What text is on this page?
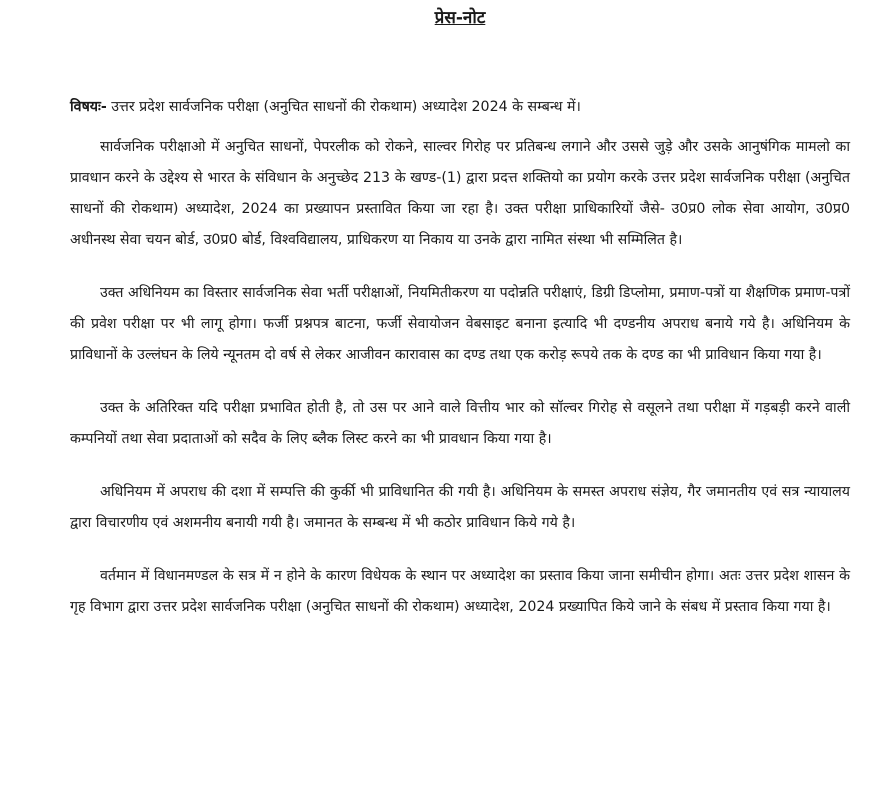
प्रेस-नोट
विषयः- उत्तर प्रदेश सार्वजनिक परीक्षा (अनुचित साधनों की रोकथाम) अध्यादेश 2024 के सम्बन्ध में।

सार्वजनिक परीक्षाओ में अनुचित साधनों, पेपरलीक को रोकने, साल्वर गिरोह पर प्रतिबन्ध लगाने और उससे जुड़े और उसके आनुषंगिक मामलो का प्रावधान करने के उद्देश्य से भारत के संविधान के अनुच्छेद 213 के खण्ड-(1) द्वारा प्रदत्त शक्तियो का प्रयोग करके उत्तर प्रदेश सार्वजनिक परीक्षा (अनुचित साधनों की रोकथाम) अध्यादेश, 2024 का प्रख्यापन प्रस्तावित किया जा रहा है। उक्त परीक्षा प्राधिकारियों जैसे- उ0प्र0 लोक सेवा आयोग, उ0प्र0 अधीनस्थ सेवा चयन बोर्ड, उ0प्र0 बोर्ड, विश्वविद्यालय, प्राधिकरण या निकाय या उनके द्वारा नामित संस्था भी सम्मिलित है।

उक्त अधिनियम का विस्तार सार्वजनिक सेवा भर्ती परीक्षाओं, नियमितीकरण या पदोन्नति परीक्षाएं, डिग्री डिप्लोमा, प्रमाण-पत्रों या शैक्षणिक प्रमाण-पत्रों की प्रवेश परीक्षा पर भी लागू होगा। फर्जी प्रश्नपत्र बाटना, फर्जी सेवायोजन वेबसाइट बनाना इत्यादि भी दण्डनीय अपराध बनाये गये है। अधिनियम के प्राविधानों के उल्लंघन के लिये न्यूनतम दो वर्ष से लेकर आजीवन कारावास का दण्ड तथा एक करोड़ रूपये तक के दण्ड का भी प्राविधान किया गया है।

उक्त के अतिरिक्त यदि परीक्षा प्रभावित होती है, तो उस पर आने वाले वित्तीय भार को सॉल्वर गिरोह से वसूलने तथा परीक्षा में गड़बड़ी करने वाली कम्पनियों तथा सेवा प्रदाताओं को सदैव के लिए ब्लैक लिस्ट करने का भी प्रावधान किया गया है।

अधिनियम में अपराध की दशा में सम्पत्ति की कुर्की भी प्राविधानित की गयी है। अधिनियम के समस्त अपराध संज्ञेय, गैर जमानतीय एवं सत्र न्यायालय द्वारा विचारणीय एवं अशमनीय बनायी गयी है। जमानत के सम्बन्ध में भी कठोर प्राविधान किये गये है।

वर्तमान में विधानमण्डल के सत्र में न होने के कारण विधेयक के स्थान पर अध्यादेश का प्रस्ताव किया जाना समीचीन होगा। अतः उत्तर प्रदेश शासन के गृह विभाग द्वारा उत्तर प्रदेश सार्वजनिक परीक्षा (अनुचित साधनों की रोकथाम) अध्यादेश, 2024 प्रख्यापित किये जाने के संबध में प्रस्ताव किया गया है।
